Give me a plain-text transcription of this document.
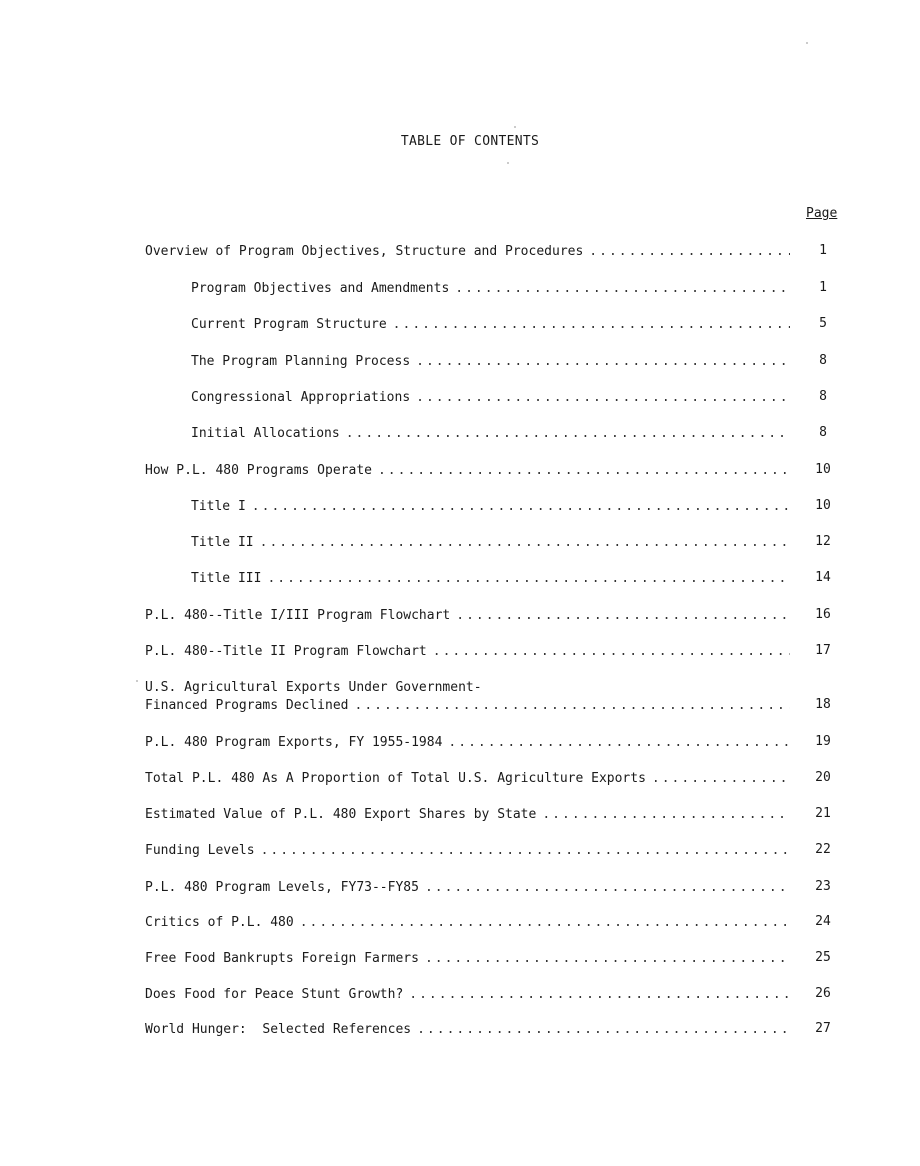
TABLE OF CONTENTS
Page
Overview of Program Objectives, Structure and Procedures .....	1
Program Objectives and Amendments .....	1
Current Program Structure .....	5
The Program Planning Process .....	8
Congressional Appropriations .....	8
Initial Allocations .....	8
How P.L. 480 Programs Operate .....	10
Title I .....	10
Title II .....	12
Title III .....	14
P.L. 480--Title I/III Program Flowchart .....	16
P.L. 480--Title II Program Flowchart .....	17
U.S. Agricultural Exports Under Government-
Financed Programs Declined .....	18
P.L. 480 Program Exports, FY 1955-1984 .....	19
Total P.L. 480 As A Proportion of Total U.S. Agriculture Exports .....	20
Estimated Value of P.L. 480 Export Shares by State .....	21
Funding Levels .....	22
P.L. 480 Program Levels, FY73--FY85 .....	23
Critics of P.L. 480 .....	24
Free Food Bankrupts Foreign Farmers .....	25
Does Food for Peace Stunt Growth? .....	26
World Hunger:  Selected References .....	27
